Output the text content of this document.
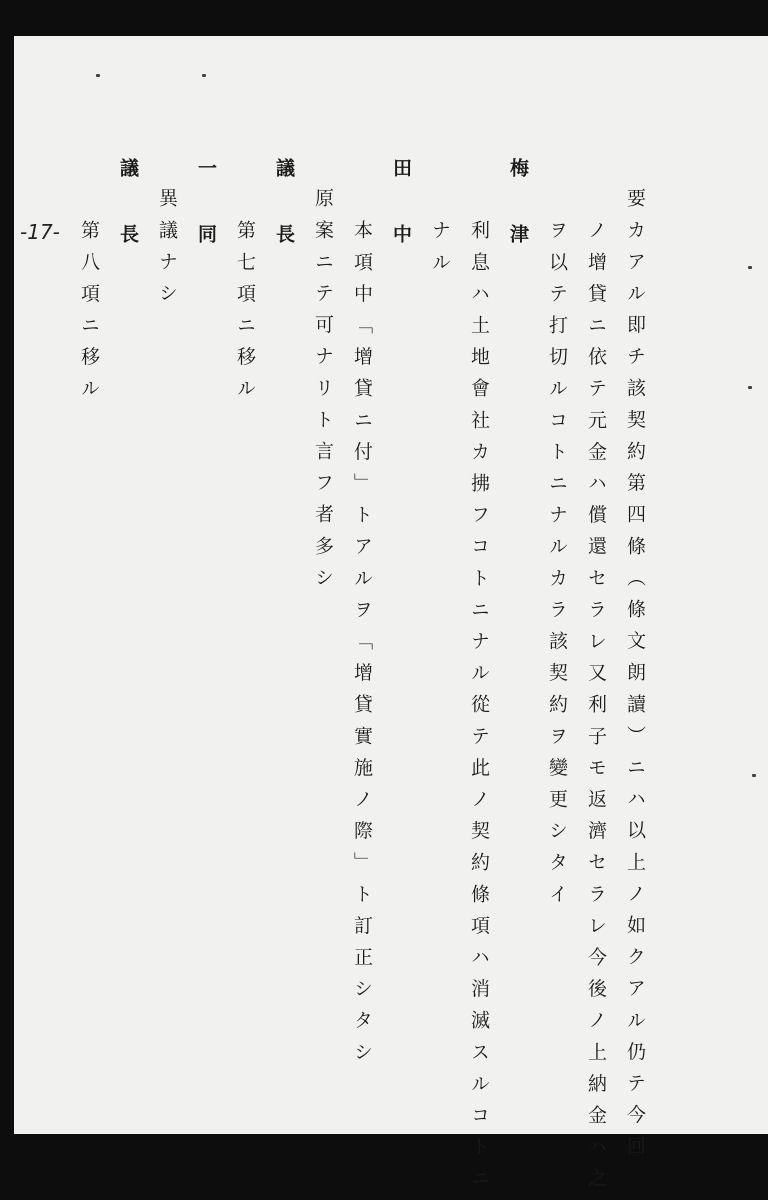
-17-	要カアル即チ該契約第四條（條文朗讀）ニハ以上ノ如クアル仍テ今回
ノ增貸ニ依テ元金ハ償還セラレ又利子モ返濟セラレ今後ノ上納金ハ之
ヲ以テ打切ルコトニナルカラ該契約ヲ變更シタイ
梅　津
利息ハ土地會社カ拂フコトニナル從テ此ノ契約條項ハ消滅スルコトニ
ナル
田　中
本項中「增貸ニ付」トアルヲ「增貸實施ノ際」ト訂正シタシ
原案ニテ可ナリト言フ者多シ
議　長
第七項ニ移ル
一　同
異議ナシ
議　長
第八項ニ移ル
